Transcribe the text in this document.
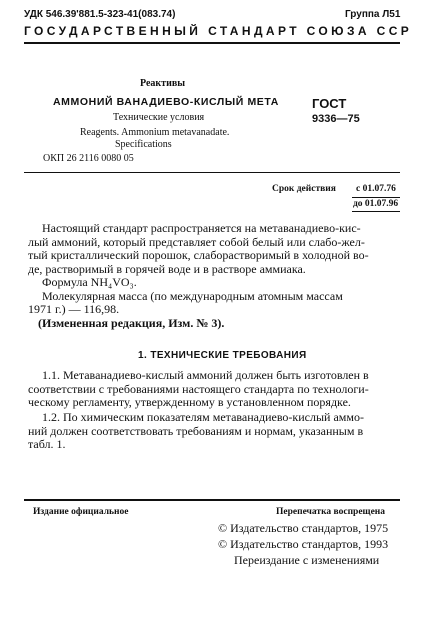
УДК 546.39'881.5-323-41(083.74)	Группа Л51
ГОСУДАРСТВЕННЫЙ СТАНДАРТ СОЮЗА ССР
Реактивы
АММОНИЙ ВАНАДИЕВО-КИСЛЫЙ МЕТА
Технические условия
Reagents. Ammonium metavanadate.
Specifications
ГОСТ
9336—75
ОКП 26 2116 0080 05
Срок действия с 01.07.76
до 01.07.96
Настоящий стандарт распространяется на метаванадиево-кис-
лый аммоний, который представляет собой белый или слабо-жел-
тый кристаллический порошок, слаборастворимый в холодной во-
де, растворимый в горячей воде и в растворе аммиака.
Формула NH₄VO₃.
Молекулярная масса (по международным атомным массам
1971 г.) — 116,98.
(Измененная редакция, Изм. № 3).
1. ТЕХНИЧЕСКИЕ ТРЕБОВАНИЯ
1.1. Метаванадиево-кислый аммоний должен быть изготовлен в
соответствии с требованиями настоящего стандарта по технологи-
ческому регламенту, утвержденному в установленном порядке.
1.2. По химическим показателям метаванадиево-кислый аммо-
ний должен соответствовать требованиям и нормам, указанным в
табл. 1.
Издание официальное	Перепечатка воспрещена
© Издательство стандартов, 1975
© Издательство стандартов, 1993
Переиздание с изменениями
